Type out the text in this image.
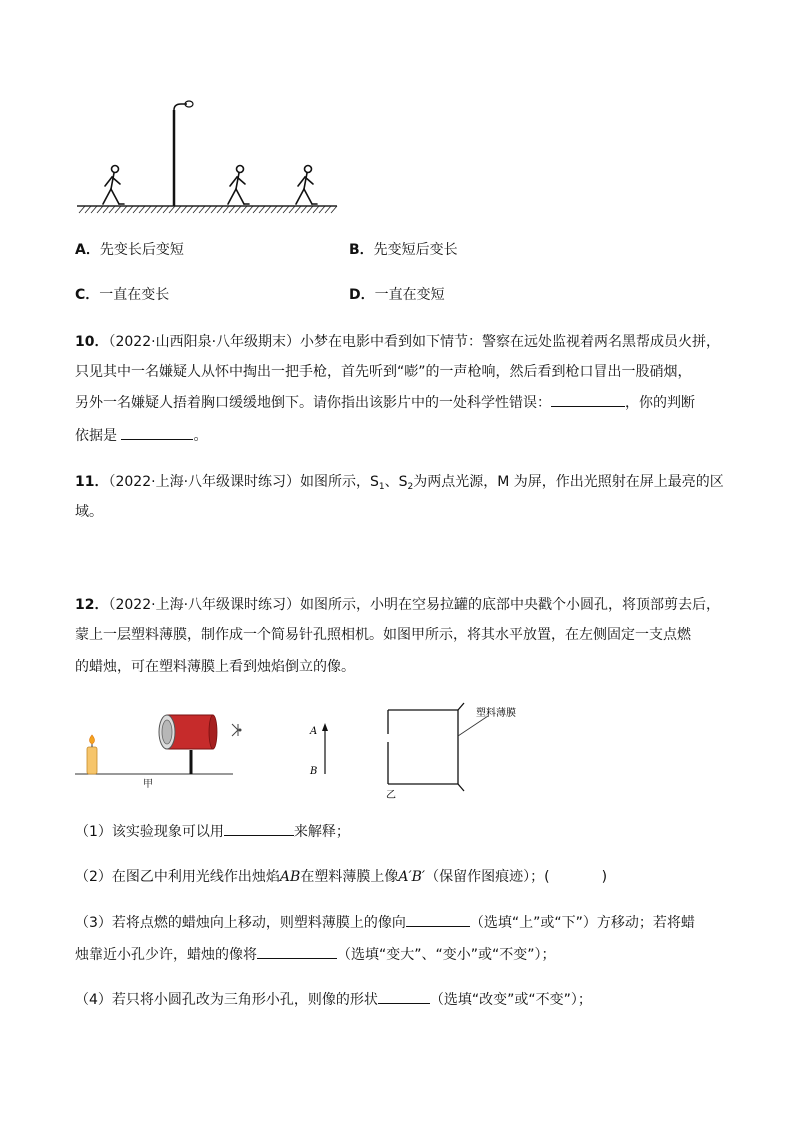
A．先变长后变短	B．先变短后变长
C．一直在变长	D．一直在变短
10．（2022·山西阳泉·八年级期末）小梦在电影中看到如下情节：警察在远处监视着两名黑帮成员火拼，
只见其中一名嫌疑人从怀中掏出一把手枪，首先听到“嘭”的一声枪响，然后看到枪口冒出一股硝烟，
另外一名嫌疑人捂着胸口缓缓地倒下。请你指出该影片中的一处科学性错误：	，你的判断
依据是	。
11．（2022·上海·八年级课时练习）如图所示，$S_1$、$S_2$为两点光源，M 为屏，作出光照射在屏上最亮的区
域。
12．（2022·上海·八年级课时练习）如图所示，小明在空易拉罐的底部中央戳个小圆孔，将顶部剪去后，
蒙上一层塑料薄膜，制作成一个简易针孔照相机。如图甲所示，将其水平放置，在左侧固定一支点燃
的蜡烛，可在塑料薄膜上看到烛焰倒立的像。
甲
A
B
塑料薄膜
乙
（1）该实验现象可以用	来解释；
（2）在图乙中利用光线作出烛焰AB在塑料薄膜上像A′B′（保留作图痕迹）；(	)
（3）若将点燃的蜡烛向上移动，则塑料薄膜上的像向	（选填“上”或“下”）方移动；若将蜡
烛靠近小孔少许，蜡烛的像将	（选填“变大”、“变小”或“不变”）；
（4）若只将小圆孔改为三角形小孔，则像的形状	（选填“改变”或“不变”）；
